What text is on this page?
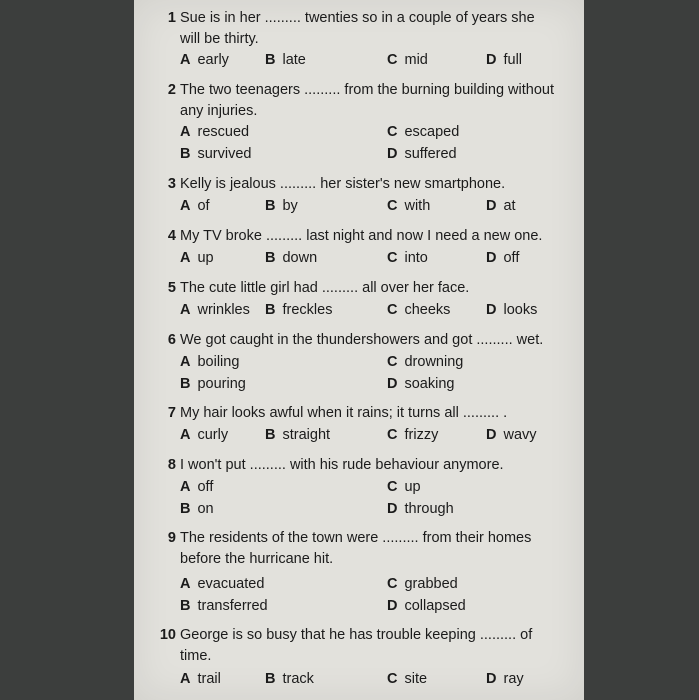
1 Sue is in her ......... twenties so in a couple of years she will be thirty.
A early B late	C mid	D full
2 The two teenagers ......... from the burning building without any injuries.
A rescued
B survived
C escaped
D suffered
3 Kelly is jealous ......... her sister's new smartphone.
A of	B by	C with	D at
4 My TV broke ......... last night and now I need a new one.
A up	B down	C into	D off
5 The cute little girl had ......... all over her face.
A wrinkles B freckles	C cheeks D looks
6 We got caught in the thundershowers and got ......... wet.
A boiling
B pouring
C drowning
D soaking
7 My hair looks awful when it rains; it turns all ......... .
A curly	B straight	C frizzy	D wavy
8 I won't put ......... with his rude behaviour anymore.
A off
B on
C up
D through
9 The residents of the town were ......... from their homes before the hurricane hit.
A evacuated
B transferred
C grabbed
D collapsed
10 George is so busy that he has trouble keeping ......... of time.
A trail	B track	C site	D ray
